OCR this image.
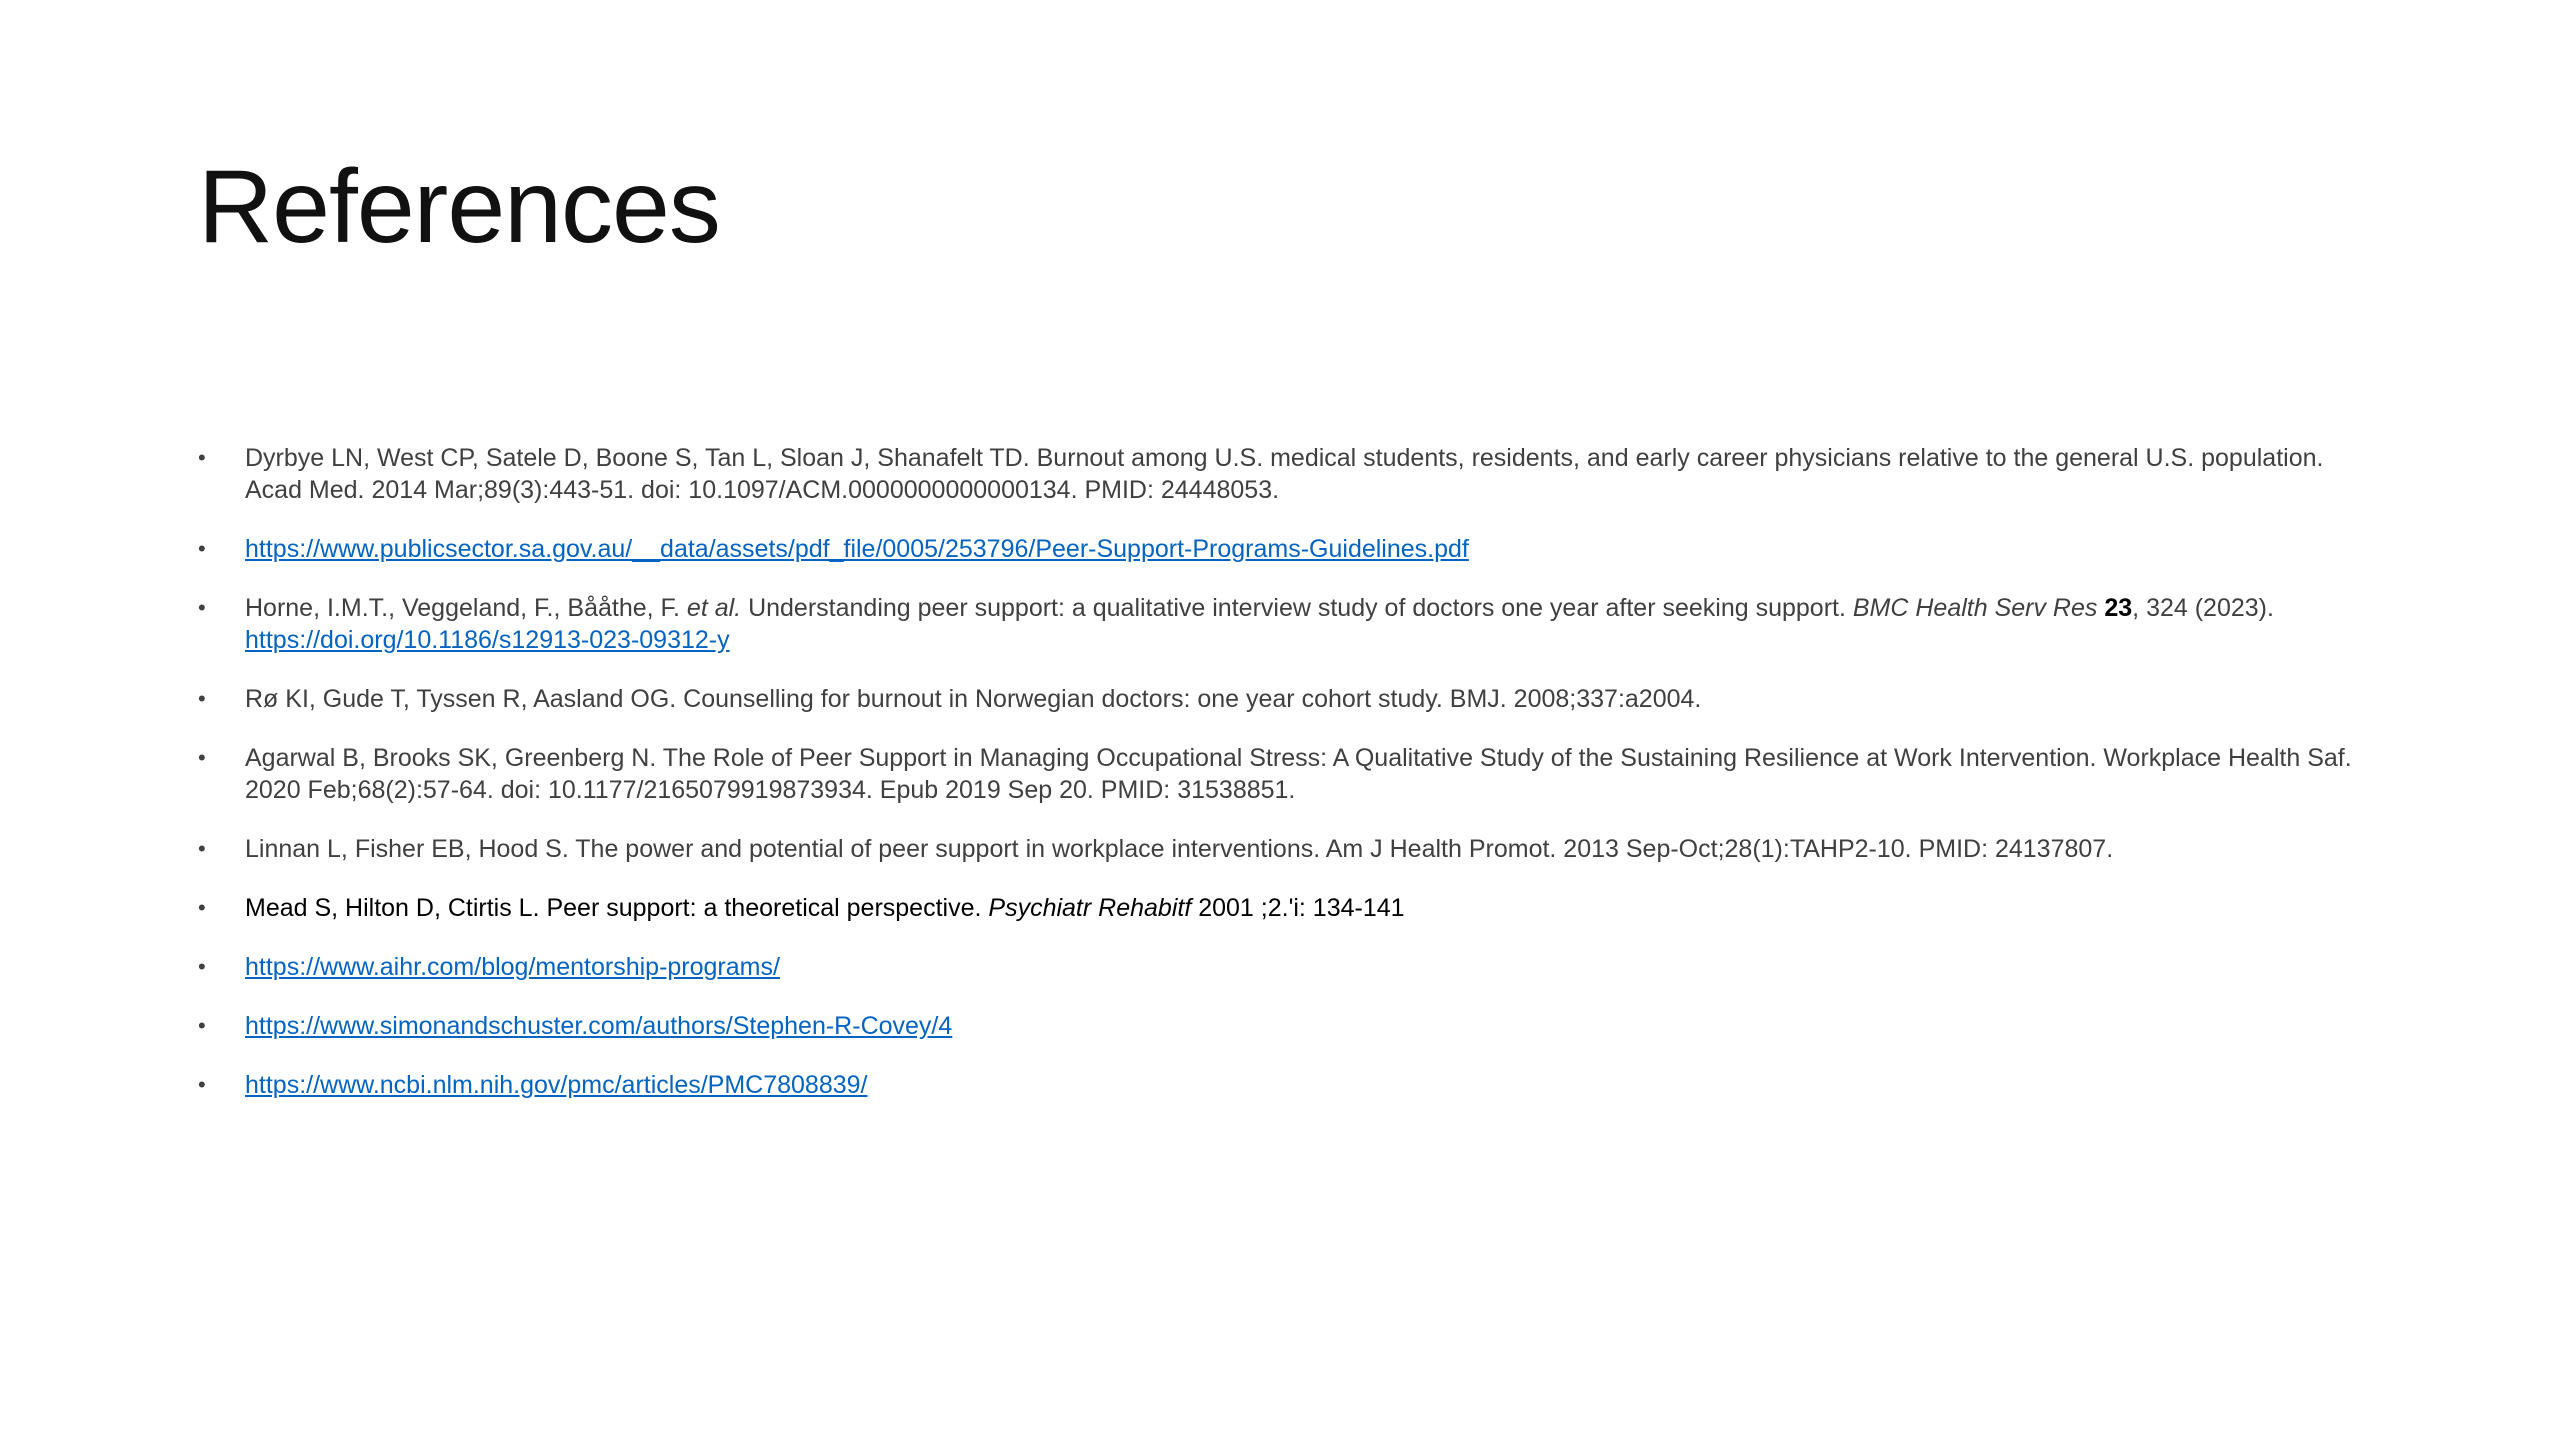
References
•	Dyrbye LN, West CP, Satele D, Boone S, Tan L, Sloan J, Shanafelt TD. Burnout among U.S. medical students, residents, and early career physicians relative to the general U.S. population. Acad Med. 2014 Mar;89(3):443-51. doi: 10.1097/ACM.0000000000000134. PMID: 24448053.
•	https://www.publicsector.sa.gov.au/__data/assets/pdf_file/0005/253796/Peer-Support-Programs-Guidelines.pdf
•	Horne, I.M.T., Veggeland, F., Bååthe, F. et al. Understanding peer support: a qualitative interview study of doctors one year after seeking support. BMC Health Serv Res 23, 324 (2023). https://doi.org/10.1186/s12913-023-09312-y
•	Rø KI, Gude T, Tyssen R, Aasland OG. Counselling for burnout in Norwegian doctors: one year cohort study. BMJ. 2008;337:a2004.
•	Agarwal B, Brooks SK, Greenberg N. The Role of Peer Support in Managing Occupational Stress: A Qualitative Study of the Sustaining Resilience at Work Intervention. Workplace Health Saf. 2020 Feb;68(2):57-64. doi: 10.1177/2165079919873934. Epub 2019 Sep 20. PMID: 31538851.
•	Linnan L, Fisher EB, Hood S. The power and potential of peer support in workplace interventions. Am J Health Promot. 2013 Sep-Oct;28(1):TAHP2-10. PMID: 24137807.
•	Mead S, Hilton D, Ctirtis L. Peer support: a theoretical perspective. Psychiatr Rehabitf 2001 ;2.'i: 134-141
•	https://www.aihr.com/blog/mentorship-programs/
•	https://www.simonandschuster.com/authors/Stephen-R-Covey/4
•	https://www.ncbi.nlm.nih.gov/pmc/articles/PMC7808839/
